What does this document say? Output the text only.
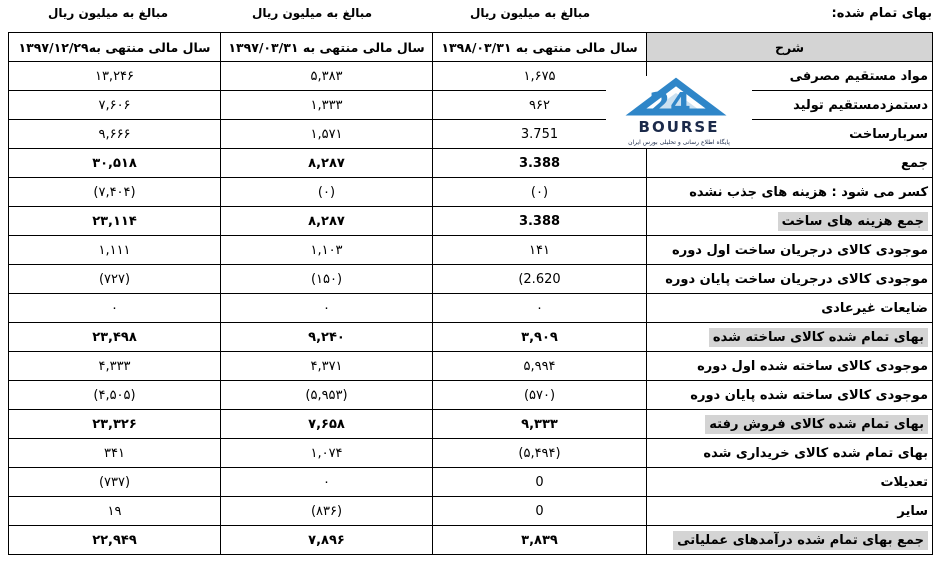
بهای تمام شده:
مبالغ به میلیون ریال	مبالغ به میلیون ریال	مبالغ به میلیون ریال
سال مالی منتهی به۱۳۹۷/۱۲/۲۹	سال مالی منتهی به ۱۳۹۷/۰۳/۳۱	سال مالی منتهی به ۱۳۹۸/۰۳/۳۱	شرح
۱۳,۲۴۶	۵,۳۸۳	۱,۶۷۵	مواد مستقیم مصرفی
۷,۶۰۶	۱,۳۳۳	۹۶۲	دستمزدمستقیم تولید
۹,۶۶۶	۱,۵۷۱	3.751	سربارساخت
۳۰,۵۱۸	۸,۲۸۷	3.388	جمع
(۷,۴۰۴)	(۰)	(۰)	کسر می شود : هزینه های جذب نشده
۲۳,۱۱۴	۸,۲۸۷	3.388	جمع هزینه های ساخت
۱,۱۱۱	۱,۱۰۳	۱۴۱	موجودی کالای درجریان ساخت اول دوره
(۷۲۷)	(۱۵۰)	(2.620	موجودی کالای درجریان ساخت پایان دوره
۰	۰	۰	ضایعات غیرعادی
۲۳,۴۹۸	۹,۲۴۰	۳,۹۰۹	بهای تمام شده کالای ساخته شده
۴,۳۳۳	۴,۳۷۱	۵,۹۹۴	موجودی کالای ساخته شده اول دوره
(۴,۵۰۵)	(۵,۹۵۳)	(۵۷۰)	موجودی کالای ساخته شده پایان دوره
۲۳,۳۲۶	۷,۶۵۸	۹,۳۳۳	بهای تمام شده کالای فروش رفته
۳۴۱	۱,۰۷۴	(۵,۴۹۴)	بهای تمام شده کالای خریداری شده
(۷۳۷)	۰	0	تعدیلات
۱۹	(۸۳۶)	0	سایر
۲۲,۹۴۹	۷,۸۹۶	۳,۸۳۹	جمع بهای تمام شده درآمدهای عملیاتی
24
BOURSE
پایگاه اطلاع رسانی و تحلیلی بورس ایران
